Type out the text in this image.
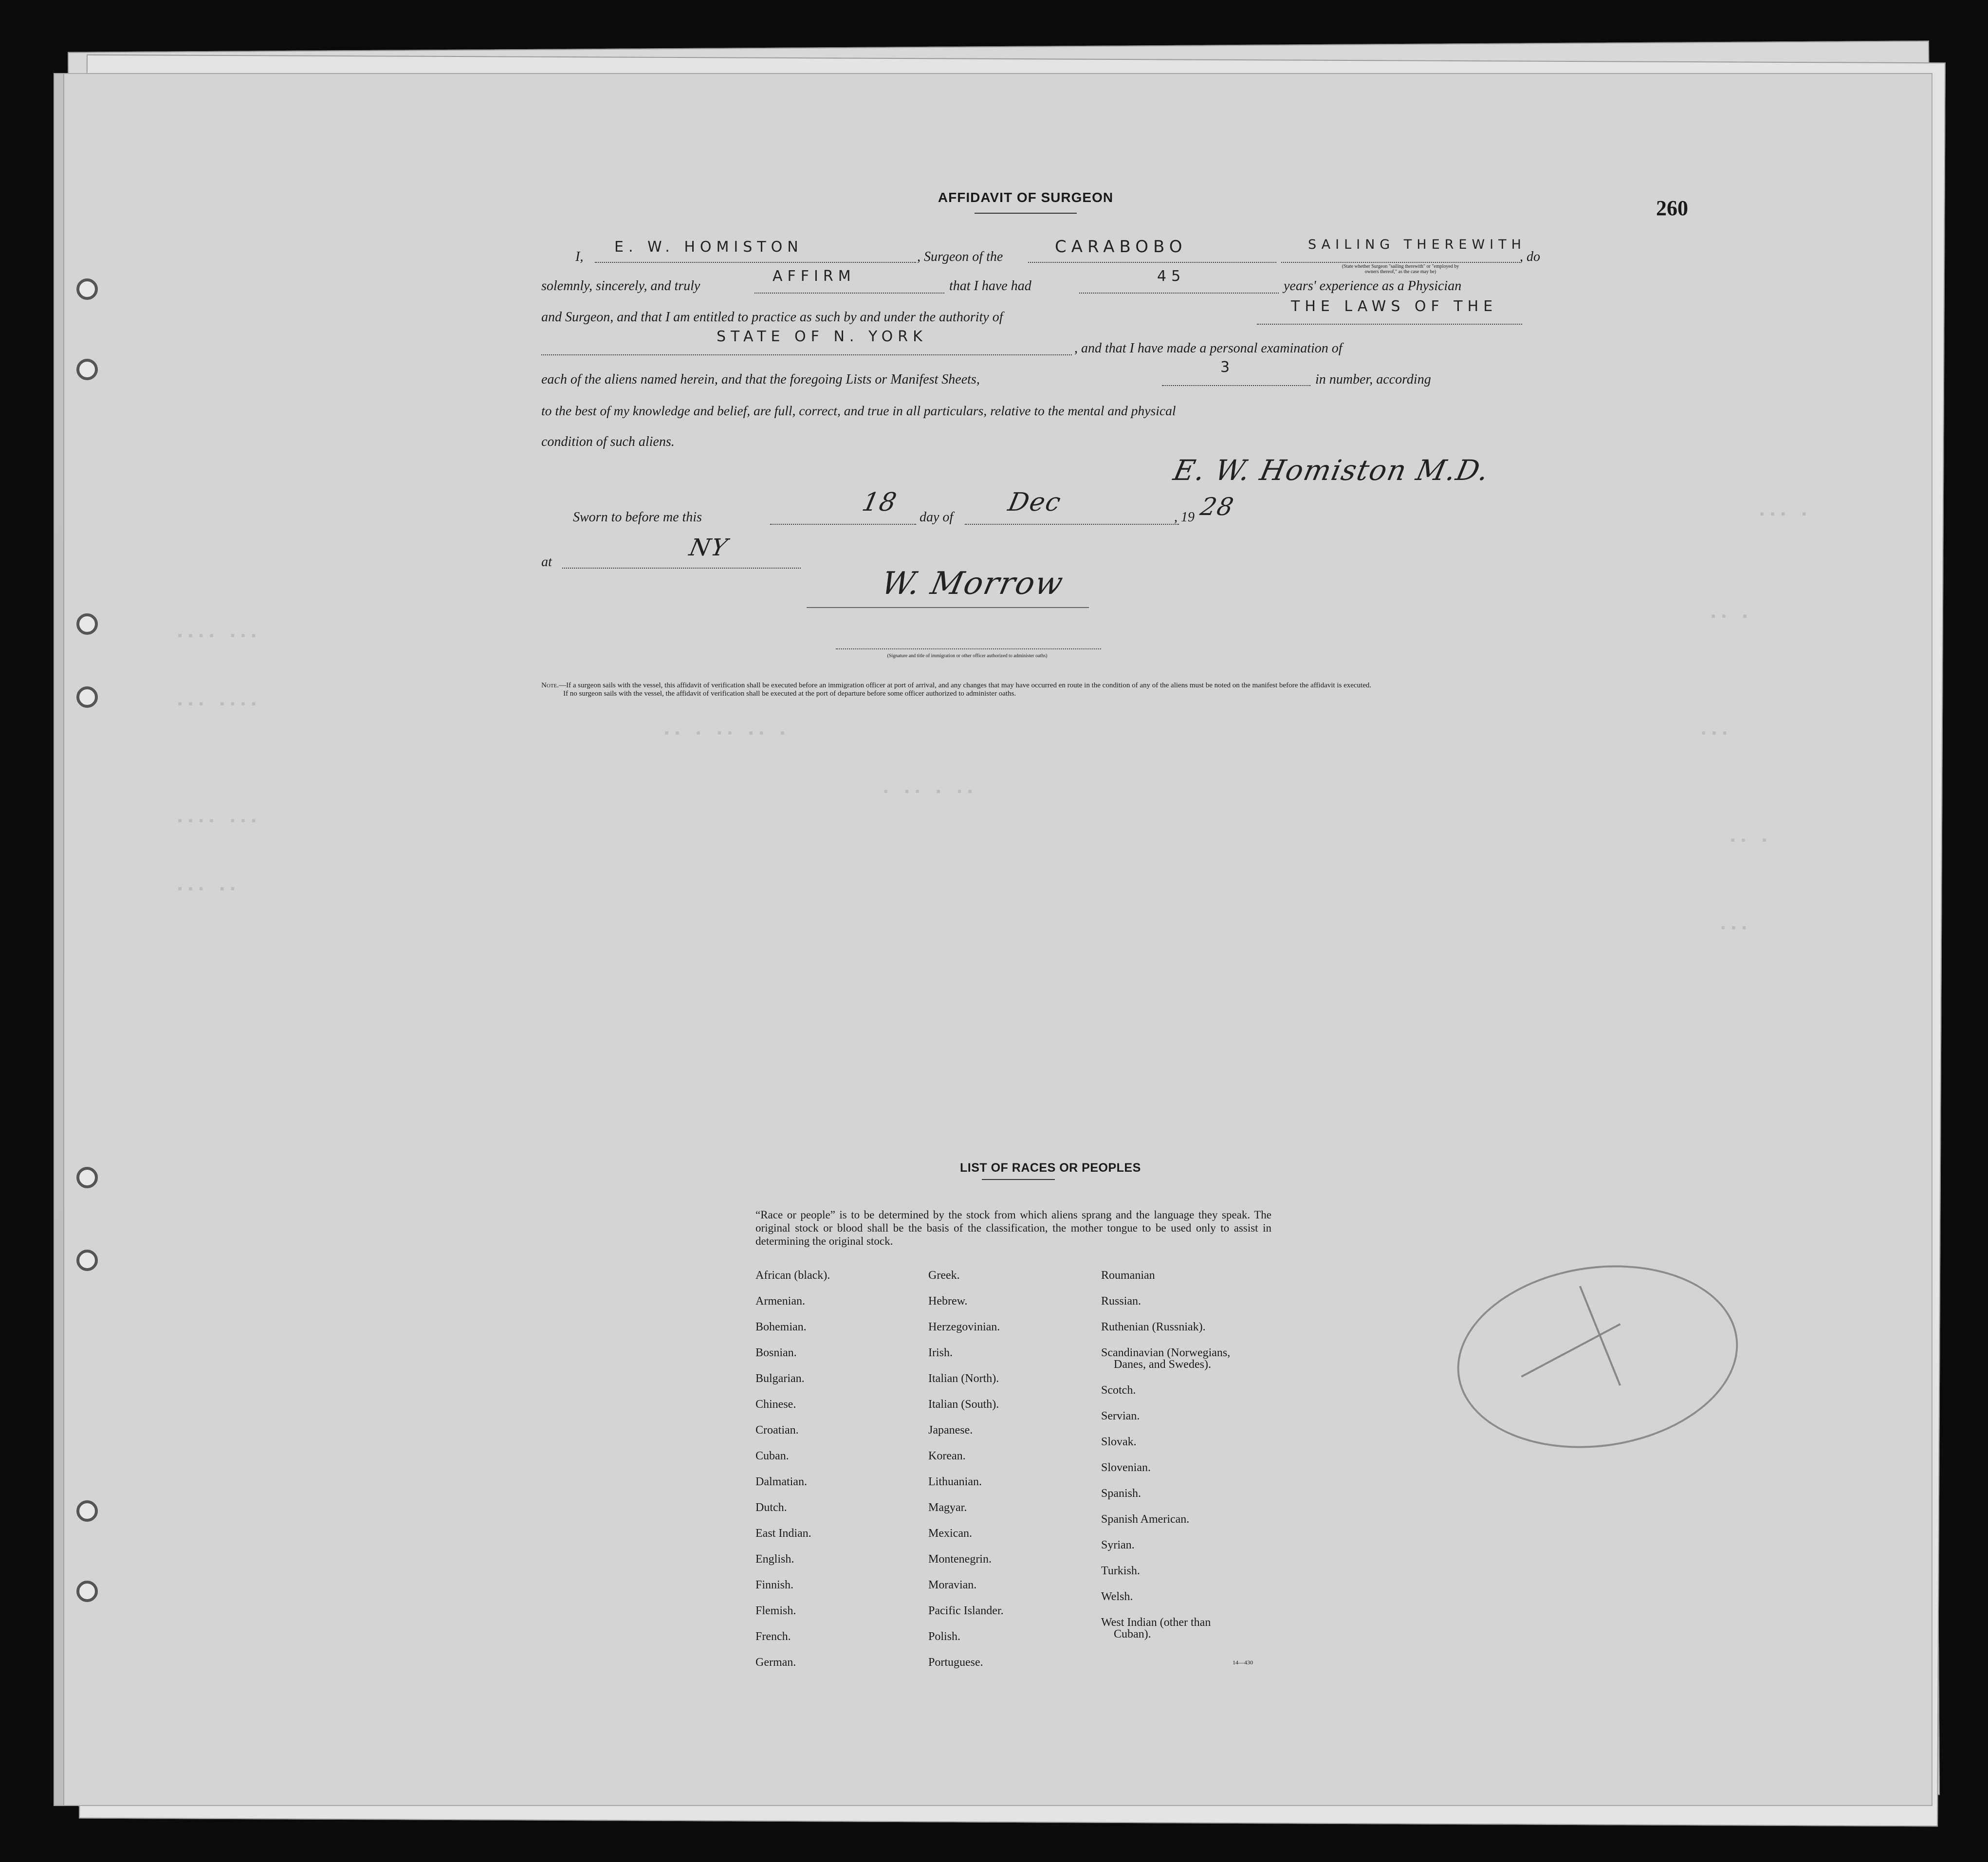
▪▪▪ ▪
▪▪ ▪
▪▪▪
▪▪ ▪
▪▪▪
▪▪▪▪ ▪▪▪
▪▪▪ ▪▪▪▪
▪▪▪▪ ▪▪▪
▪▪▪ ▪▪
▪▪ ▪ ▪▪ ▪▪ ▪
▪ ▪▪ ▪ ▪▪
260
AFFIDAVIT OF SURGEON
I,
E. W. HOMISTON
, Surgeon of the
CARABOBO	SAILING THEREWITH
, do
(State whether Surgeon "sailing therewith" or "employed by
owners thereof," as the case may be)
solemnly, sincerely, and truly
AFFIRM
that I have had
45
years' experience as a Physician
and Surgeon, and that I am entitled to practice as such by and under the authority of
THE LAWS OF THE
STATE OF N. YORK
, and that I have made a personal examination of
each of the aliens named herein, and that the foregoing Lists or Manifest Sheets,
3
in number, according
to the best of my knowledge and belief, are full, correct, and true in all particulars, relative to the mental and physical
condition of such aliens.
E. W. Homiston M.D.
Sworn to before me this
18
day of
Dec
, 19 28
at
NY
W. Morrow
(Signature and title of immigration or other officer authorized to administer oaths)

Note.—If a surgeon sails with the vessel, this affidavit of verification shall be executed before an immigration officer at port of arrival, and any changes that may have occurred en route in the condition of any of the aliens must be noted on the manifest before the affidavit is executed.

If no surgeon sails with the vessel, the affidavit of verification shall be executed at the port of departure before some officer authorized to administer oaths.

LIST OF RACES OR PEOPLES
“Race or people” is to be determined by the stock from which aliens sprang and the language they speak. The original stock or blood shall be the basis of the classification, the mother tongue to be used only to assist in determining the original stock.
African (black).
Armenian.
Bohemian.
Bosnian.
Bulgarian.
Chinese.
Croatian.
Cuban.
Dalmatian.
Dutch.
East Indian.
English.
Finnish.
Flemish.
French.
German.
Greek.
Hebrew.
Herzegovinian.
Irish.
Italian (North).
Italian (South).
Japanese.
Korean.
Lithuanian.
Magyar.
Mexican.
Montenegrin.
Moravian.
Pacific Islander.
Polish.
Portuguese.
Roumanian
Russian.
Ruthenian (Russniak).
Scandinavian (Norwegians,
Danes, and Swedes).
Scotch.
Servian.
Slovak.
Slovenian.
Spanish.
Spanish American.
Syrian.
Turkish.
Welsh.
West Indian (other than
Cuban).
14—430
